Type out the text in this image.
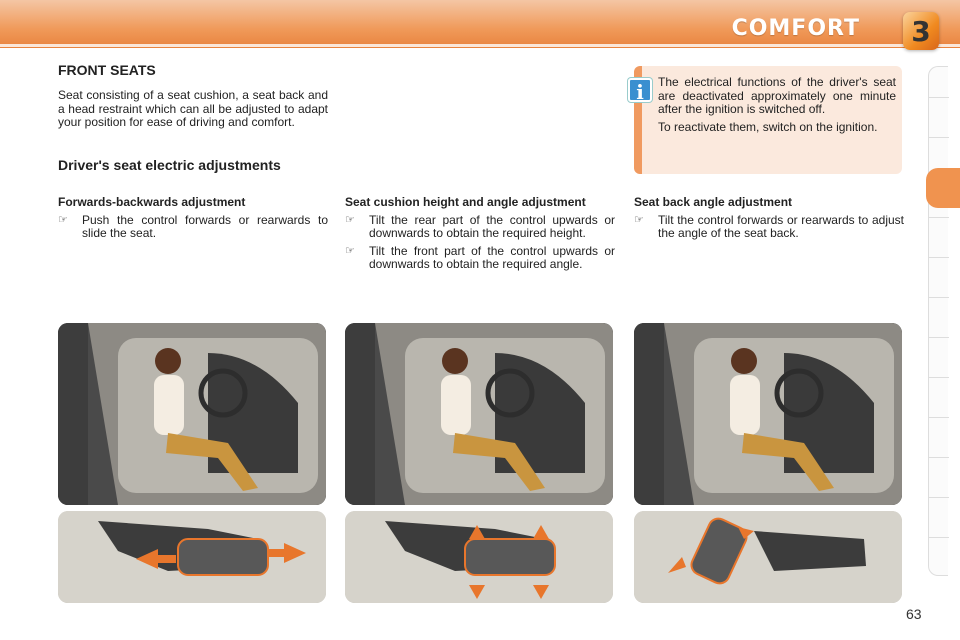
COMFORT 3
FRONT SEATS

Seat consisting of a seat cushion, a seat back and a head restraint which can all be adjusted to adapt your position for ease of driving and comfort.

Driver's seat electric adjustments

The electrical functions of the driver's seat are deactivated approximately one minute after the ignition is switched off.

To reactivate them, switch on the ignition.

i
Forwards-backwards adjustment
☞ Push the control forwards or rearwards to slide the seat.
Seat cushion height and angle adjustment
☞ Tilt the rear part of the control upwards or downwards to obtain the required height.
☞ Tilt the front part of the control upwards or downwards to obtain the required angle.
Seat back angle adjustment
☞ Tilt the control forwards or rearwards to adjust the angle of the seat back.
63
